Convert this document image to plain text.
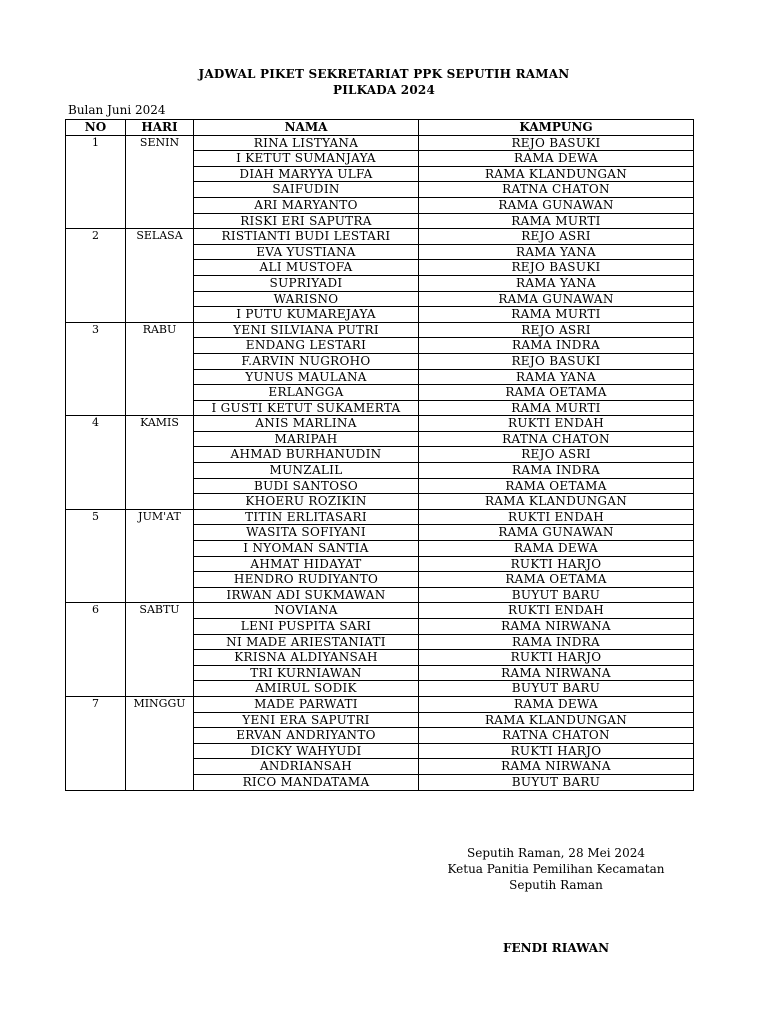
JADWAL PIKET SEKRETARIAT PPK SEPUTIH RAMAN
PILKADA 2024
Bulan Juni 2024
NO	HARI	NAMA	KAMPUNG
1	SENIN	RINA LISTYANA	REJO BASUKI
		I KETUT SUMANJAYA	RAMA DEWA
		DIAH MARYYA ULFA	RAMA KLANDUNGAN
		SAIFUDIN	RATNA CHATON
		ARI MARYANTO	RAMA GUNAWAN
		RISKI ERI SAPUTRA	RAMA MURTI
2	SELASA	RISTIANTI BUDI LESTARI	REJO ASRI
		EVA YUSTIANA	RAMA YANA
		ALI MUSTOFA	REJO BASUKI
		SUPRIYADI	RAMA YANA
		WARISNO	RAMA GUNAWAN
		I PUTU KUMAREJAYA	RAMA MURTI
3	RABU	YENI SILVIANA PUTRI	REJO ASRI
		ENDANG LESTARI	RAMA INDRA
		F.ARVIN NUGROHO	REJO BASUKI
		YUNUS MAULANA	RAMA YANA
		ERLANGGA	RAMA OETAMA
		I GUSTI KETUT SUKAMERTA	RAMA MURTI
4	KAMIS	ANIS MARLINA	RUKTI ENDAH
		MARIPAH	RATNA CHATON
		AHMAD BURHANUDIN	REJO ASRI
		MUNZALIL	RAMA INDRA
		BUDI SANTOSO	RAMA OETAMA
		KHOERU ROZIKIN	RAMA KLANDUNGAN
5	JUM'AT	TITIN ERLITASARI	RUKTI ENDAH
		WASITA SOFIYANI	RAMA GUNAWAN
		I NYOMAN SANTIA	RAMA DEWA
		AHMAT HIDAYAT	RUKTI HARJO
		HENDRO RUDIYANTO	RAMA OETAMA
		IRWAN ADI SUKMAWAN	BUYUT BARU
6	SABTU	NOVIANA	RUKTI ENDAH
		LENI PUSPITA SARI	RAMA NIRWANA
		NI MADE ARIESTANIATI	RAMA INDRA
		KRISNA ALDIYANSAH	RUKTI HARJO
		TRI KURNIAWAN	RAMA NIRWANA
		AMIRUL SODIK	BUYUT BARU
7	MINGGU	MADE PARWATI	RAMA DEWA
		YENI ERA SAPUTRI	RAMA KLANDUNGAN
		ERVAN ANDRIYANTO	RATNA CHATON
		DICKY WAHYUDI	RUKTI HARJO
		ANDRIANSAH	RAMA NIRWANA
		RICO MANDATAMA	BUYUT BARU
Seputih Raman, 28 Mei 2024
Ketua Panitia Pemilihan Kecamatan
Seputih Raman
FENDI RIAWAN
